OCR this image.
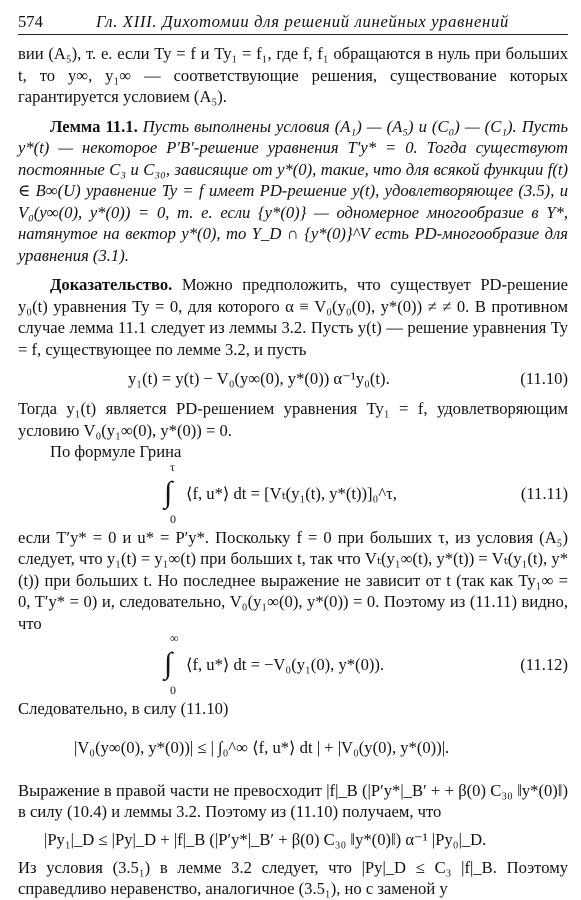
574	Гл. XIII. Дихотомии для решений линейных уравнений

вии (A₅), т. е. если Ty = f и Ty₁ = f₁, где f, f₁ обращаются в нуль при больших t, то y∞, y₁∞ — соответствующие решения, существование которых гарантируется условием (A₅).

Лемма 11.1. Пусть выполнены условия (A₁) — (A₅) и (C₀) — (C₁). Пусть y*(t) — некоторое P′B′-решение уравнения T′y* = 0. Тогда существуют постоянные C₃ и C₃₀, зависящие от y*(0), такие, что для всякой функции f(t) ∈ B∞(U) уравнение Ty = f имеет PD-решение y(t), удовлетворяющее (3.5), и V₀(y∞(0), y*(0)) = 0, т. е. если {y*(0)} — одномерное многообразие в Y*, натянутое на вектор y*(0), то Y_D ∩ {y*(0)}^V есть PD-многообразие для уравнения (3.1).

Доказательство. Можно предположить, что существует PD-решение y₀(t) уравнения Ty = 0, для которого α ≡ V₀(y₀(0), y*(0)) ≠ ≠ 0. В противном случае лемма 11.1 следует из леммы 3.2. Пусть y(t) — решение уравнения Ty = f, существующее по лемме 3.2, и пусть

y₁(t) = y(t) − V₀(y∞(0), y*(0)) α⁻¹y₀(t).	(11.10)

Тогда y₁(t) является PD-решением уравнения Ty₁ = f, удовлетворяющим условию V₀(y₁∞(0), y*(0)) = 0.

По формуле Грина

τ
∫
0
⟨f, u*⟩ dt = [Vₜ(y₁(t), y*(t))]₀^τ,	(11.11)

если T′y* = 0 и u* = P′y*. Поскольку f = 0 при больших τ, из условия (A₅) следует, что y₁(t) = y₁∞(t) при больших t, так что Vₜ(y₁∞(t), y*(t)) = Vₜ(y₁(t), y*(t)) при больших t. Но последнее выражение не зависит от t (так как Ty₁∞ = 0, T′y* = 0) и, следовательно, V₀(y₁∞(0), y*(0)) = 0. Поэтому из (11.11) видно, что

∞
∫
0
⟨f, u*⟩ dt = −V₀(y₁(0), y*(0)).	(11.12)

Следовательно, в силу (11.10)

|V₀(y∞(0), y*(0))| ≤ | ∫₀^∞ ⟨f, u*⟩ dt | + |V₀(y(0), y*(0))|.

Выражение в правой части не превосходит |f|_B (|P′y*|_B′ + + β(0) C₃₀ ‖y*(0)‖) в силу (10.4) и леммы 3.2. Поэтому из (11.10) получаем, что

|Py₁|_D ≤ |Py|_D + |f|_B (|P′y*|_B′ + β(0) C₃₀ ‖y*(0)‖) α⁻¹ |Py₀|_D.

Из условия (3.5₁) в лемме 3.2 следует, что |Py|_D ≤ C₃ |f|_B. Поэтому справедливо неравенство, аналогичное (3.5₁), но с заменой y
